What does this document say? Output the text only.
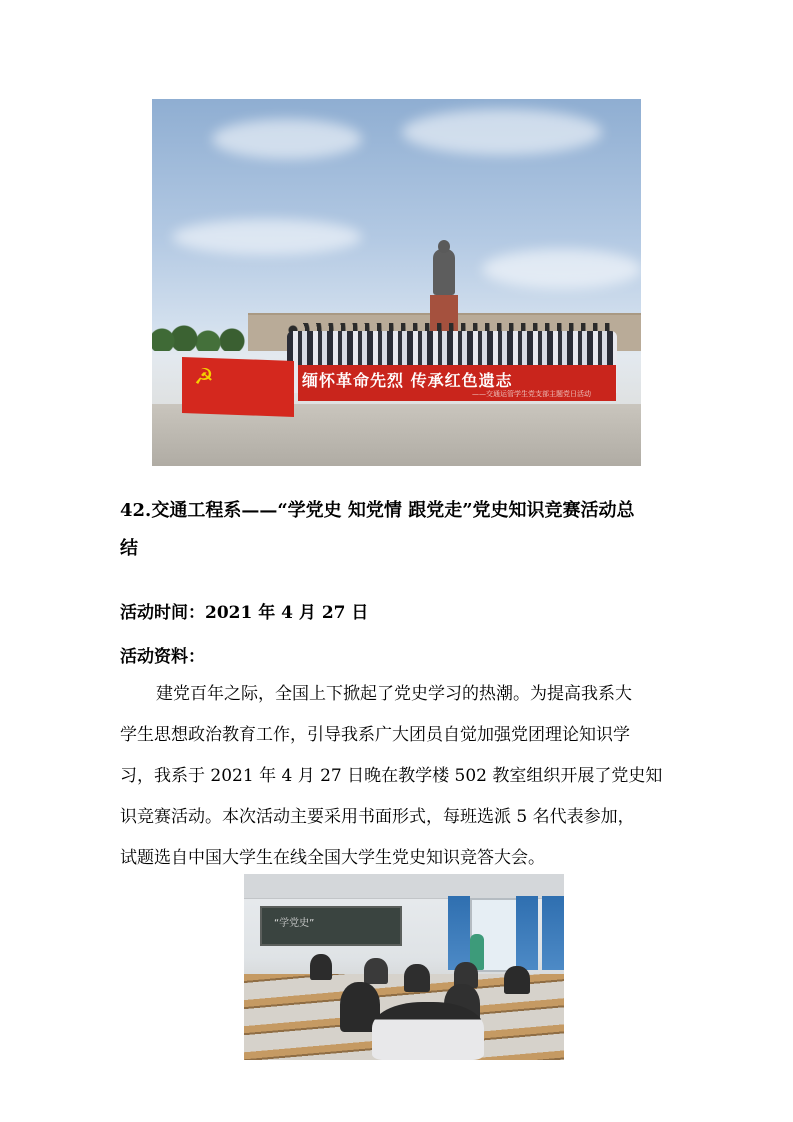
☭	缅怀革命先烈 传承红色遗志
——交通运管学生党支部主题党日活动
42.交通工程系——“学党史 知党情 跟党走”党史知识竞赛活动总
结
活动时间：2021 年 4 月 27 日
活动资料：
建党百年之际，全国上下掀起了党史学习的热潮。为提高我系大
学生思想政治教育工作，引导我系广大团员自觉加强党团理论知识学
习，我系于 2021 年 4 月 27 日晚在教学楼 502 教室组织开展了党史知
识竞赛活动。本次活动主要采用书面形式，每班选派 5 名代表参加，
试题选自中国大学生在线全国大学生党史知识竞答大会。
“学党史”
